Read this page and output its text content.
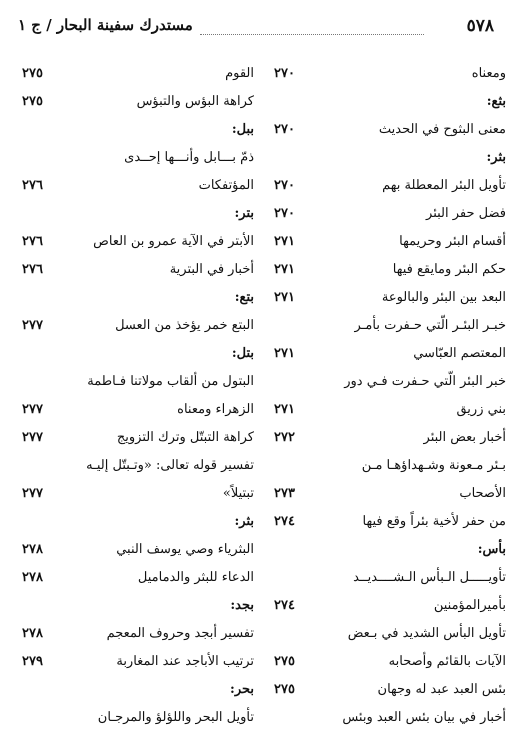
٥٧٨
مستدرك سفينة البحار / ج ١
ومعناه
٢٧٠
بثع:
معنى البثوح في الحديث
٢٧٠
بثر:
تأويل البئر المعطلة بهم
٢٧٠
فضل حفر البئر
٢٧٠
أقسام البئر وحريمها
٢٧١
حكم البئر ومايقع فيها
٢٧١
البعد بين البئر والبالوعة
٢٧١
خبـر البئـر الّتي حـفرت بأمـر
المعتصم العبّاسي
٢٧١
خبر البئر الّتي حـفرت فـي دور
بني زريق
٢٧١
أخبار بعض البئر
٢٧٢
بـئر مـعونة وشـهداؤهـا مـن
الأصحاب
٢٧٣
من حفر لأخية بئراً وقع فيها
٢٧٤
بأس:
تأويـــــل الـبأس الـشــــديــد
بأميرالمؤمنين
٢٧٤
تأويل البأس الشديد في بـعض
الآيات بالقائم وأصحابه
٢٧٥
بئس العبد عبد له وجهان
٢٧٥
أخبار في بيان بئس العبد وبئس
القوم
٢٧٥
كراهة البؤس والتبؤس
٢٧٥
ببل:
ذمّ بـــابل وأنـــها إحــدى
المؤتفكات
٢٧٦
بتر:
الأبتر في الآية عمرو بن العاص
٢٧٦
أخبار في البترية
٢٧٦
بتع:
البتع خمر يؤخذ من العسل
٢٧٧
بتل:
البتول من ألقاب مولاتنا فـاطمة
الزهراء ومعناه
٢٧٧
كراهة التبتّل وترك التزويج
٢٧٧
تفسير قوله تعالى: «وتـبتّل إليـه
تبتيلاً»
٢٧٧
بثر:
البثرياء وصي يوسف النبي
٢٧٨
الدعاء للبثر والدماميل
٢٧٨
بجد:
تفسير أبجد وحروف المعجم
٢٧٨
ترتيب الأباجد عند المغاربة
٢٧٩
بحر:
تأويل البحر واللؤلؤ والمرجـان
